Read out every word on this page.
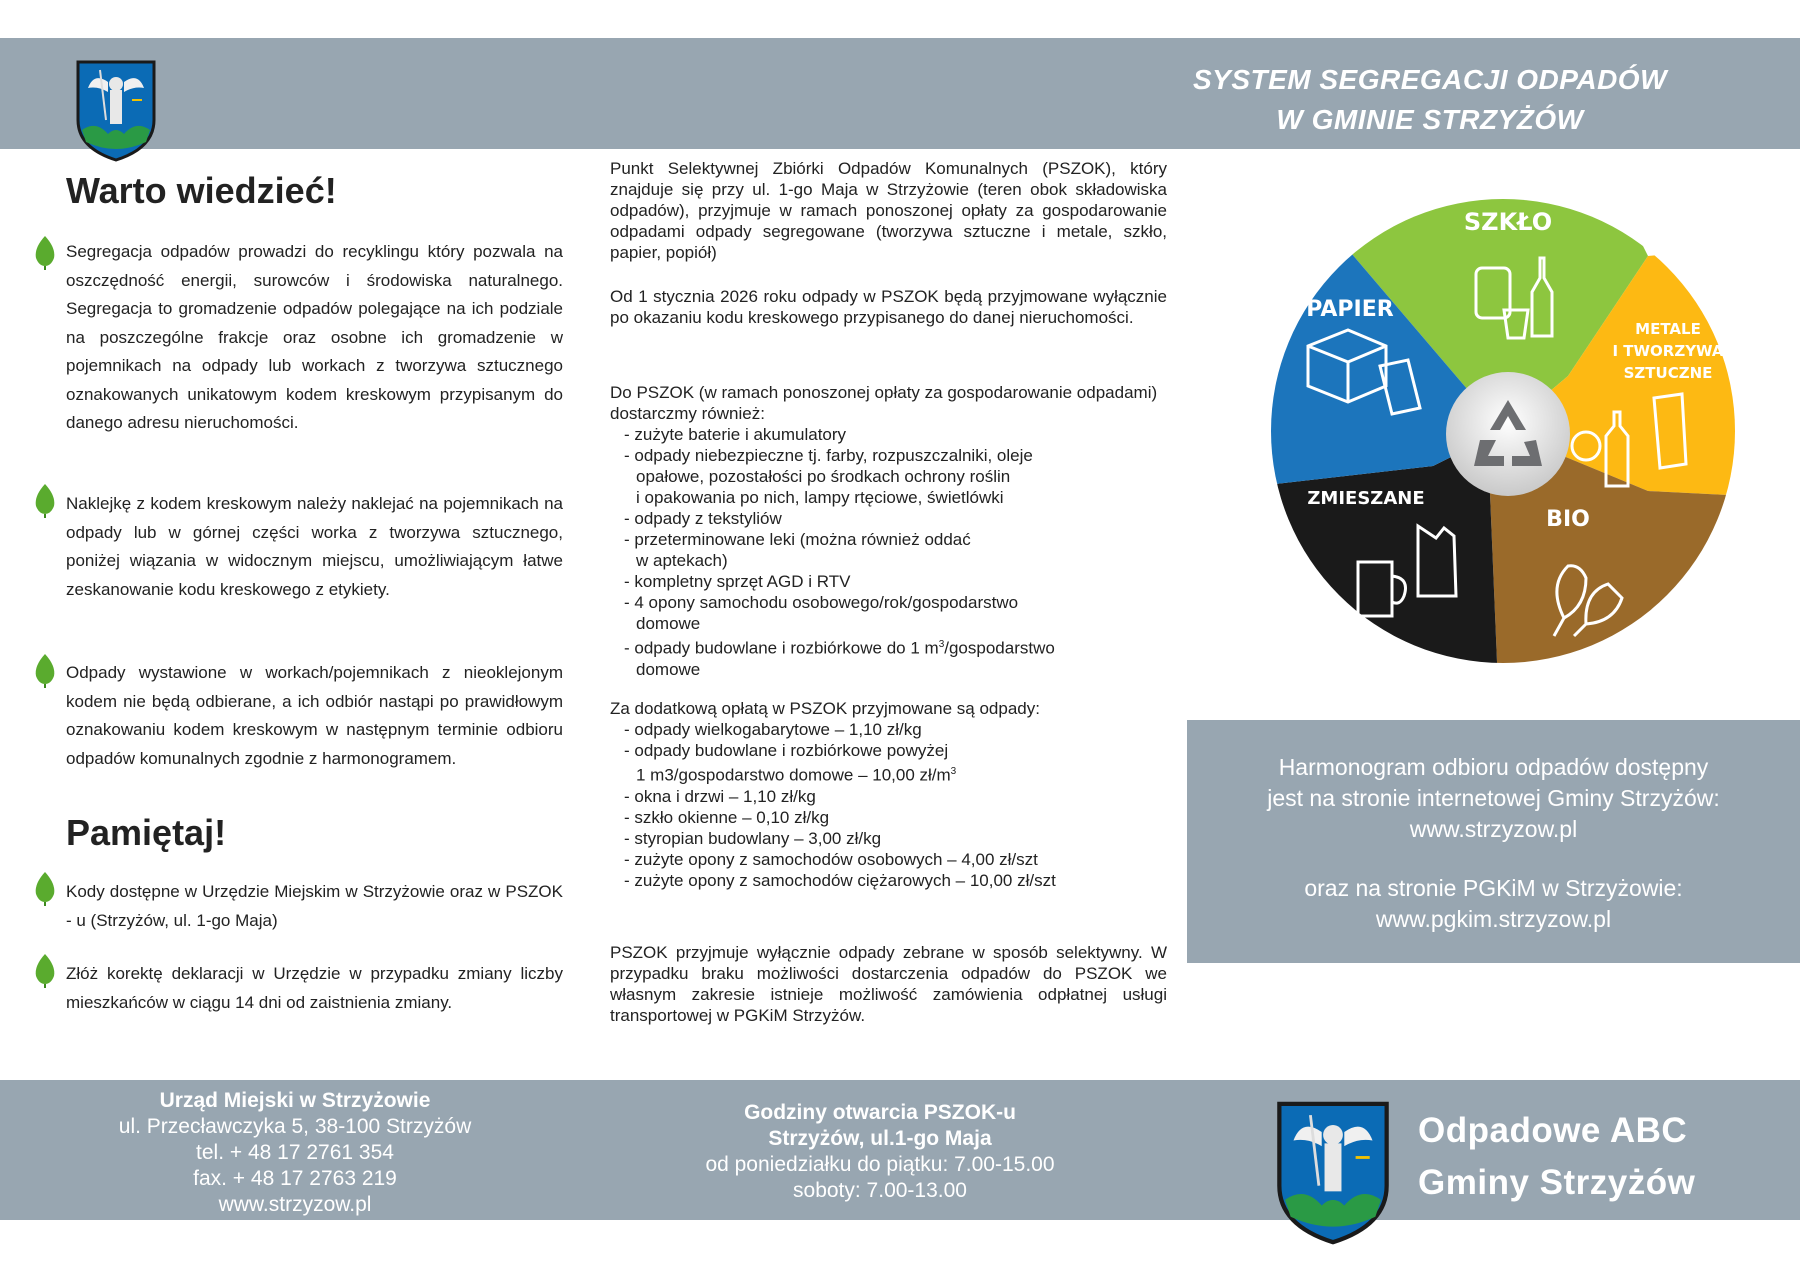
SYSTEM SEGREGACJI ODPADÓW
W GMINIE STRZYŻÓW
Warto wiedzieć!
Segregacja odpadów prowadzi do recyklingu który pozwala na oszczędność energii, surowców i środowiska naturalnego. Segregacja to gromadzenie odpadów polegające na ich podziale na poszczególne frakcje oraz osobne ich gromadzenie w pojemnikach na odpady lub workach z tworzywa sztucznego oznakowanych unikatowym kodem kreskowym przypisanym do danego adresu nieruchomości.
Naklejkę z kodem kreskowym należy naklejać na pojemnikach na odpady lub w górnej części worka z tworzywa sztucznego, poniżej wiązania w widocznym miejscu, umożliwiającym łatwe zeskanowanie kodu kreskowego z etykiety.
Odpady wystawione w workach/pojemnikach z nieoklejonym kodem nie będą odbierane, a ich odbiór nastąpi po prawidłowym oznakowaniu kodem kreskowym w następnym terminie odbioru odpadów komunalnych zgodnie z harmonogramem.
Pamiętaj!
Kody dostępne w Urzędzie Miejskim w Strzyżowie oraz w PSZOK - u (Strzyżów, ul. 1-go Maja)
Złóż korektę deklaracji w Urzędzie w przypadku zmiany liczby mieszkańców w ciągu 14 dni od zaistnienia zmiany.

Punkt Selektywnej Zbiórki Odpadów Komunalnych (PSZOK), który znajduje się przy ul. 1-go Maja w Strzyżowie (teren obok składowiska odpadów), przyjmuje w ramach ponoszonej opłaty za gospodarowanie odpadami odpady segregowane (tworzywa sztuczne i metale, szkło, papier, popiół)

Od 1 stycznia 2026 roku odpady w PSZOK będą przyjmowane wyłącznie po okazaniu kodu kreskowego przypisanego do danej nieruchomości.

Do PSZOK (w ramach ponoszonej opłaty za gospodarowanie odpadami) dostarczmy również:

- zużyte baterie i akumulatory
- odpady niebezpieczne tj. farby, rozpuszczalniki, oleje
opałowe, pozostałości po środkach ochrony roślin
i opakowania po nich, lampy rtęciowe, świetlówki
- odpady z tekstyliów
- przeterminowane leki (można również oddać
w aptekach)
- kompletny sprzęt AGD i RTV
- 4 opony samochodu osobowego/rok/gospodarstwo
domowe
- odpady budowlane i rozbiórkowe do 1 $m^3$/gospodarstwo
domowe

Za dodatkową opłatą w PSZOK przyjmowane są odpady:

- odpady wielkogabarytowe – 1,10 zł/kg
- odpady budowlane i rozbiórkowe powyżej
1 m3/gospodarstwo domowe – 10,00 $zł/m^3$
- okna i drzwi – 1,10 zł/kg
- szkło okienne – 0,10 zł/kg
- styropian budowlany – 3,00 zł/kg
- zużyte opony z samochodów osobowych – 4,00 zł/szt
- zużyte opony z samochodów ciężarowych – 10,00 zł/szt

PSZOK przyjmuje wyłącznie odpady zebrane w sposób selektywny. W przypadku braku możliwości dostarczenia odpadów do PSZOK we własnym zakresie istnieje możliwość zamówienia odpłatnej usługi transportowej w PGKiM Strzyżów.

SZKŁO
METALE
I TWORZYWA
SZTUCZNE
BIO
ZMIESZANE
PAPIER
Harmonogram odbioru odpadów dostępny
jest na stronie internetowej Gminy Strzyżów:
www.strzyzow.pl
oraz na stronie PGKiM w Strzyżowie:
www.pgkim.strzyzow.pl
Urząd Miejski w Strzyżowie
ul. Przecławczyka 5, 38-100 Strzyżów
tel. + 48 17 2761 354
fax. + 48 17 2763 219
www.strzyzow.pl
Godziny otwarcia PSZOK-u
Strzyżów, ul.1-go Maja
od poniedziałku do piątku: 7.00-15.00
soboty: 7.00-13.00
Odpadowe ABC
Gminy Strzyżów
